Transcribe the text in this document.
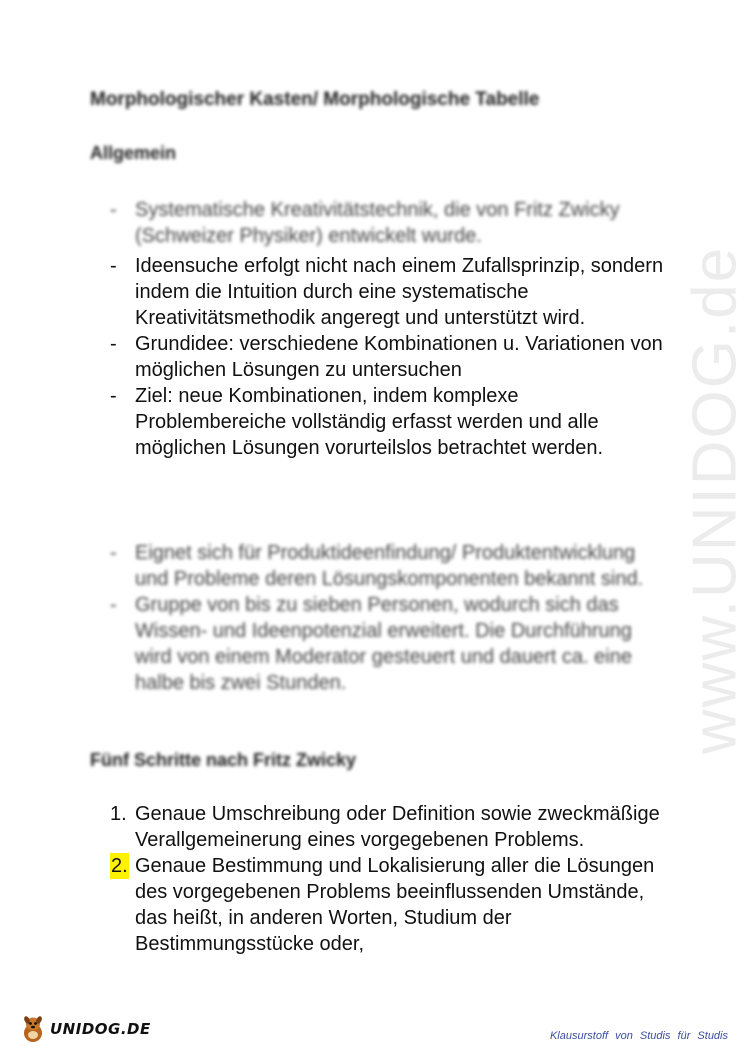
www.UNIDOG.de
Morphologischer Kasten/ Morphologische Tabelle
Allgemein
- Systematische Kreativitätstechnik, die von Fritz Zwicky (Schweizer Physiker) entwickelt wurde.
- Ideensuche erfolgt nicht nach einem Zufallsprinzip, sondern indem die Intuition durch eine systematische Kreativitätsmethodik angeregt und unterstützt wird.
- Grundidee: verschiedene Kombinationen u. Variationen von möglichen Lösungen zu untersuchen
- Ziel: neue Kombinationen, indem komplexe Problembereiche vollständig erfasst werden und alle möglichen Lösungen vorurteilslos betrachtet werden.
- Eignet sich für Produktideenfindung/ Produktentwicklung und Probleme deren Lösungskomponenten bekannt sind.
- Gruppe von bis zu sieben Personen, wodurch sich das Wissen- und Ideenpotenzial erweitert. Die Durchführung wird von einem Moderator gesteuert und dauert ca. eine halbe bis zwei Stunden.
Fünf Schritte nach Fritz Zwicky
1. Genaue Umschreibung oder Definition sowie zweckmäßige Verallgemeinerung eines vorgegebenen Problems.
2. Genaue Bestimmung und Lokalisierung aller die Lösungen des vorgegebenen Problems beeinflussenden Umstände, das heißt, in anderen Worten, Studium der Bestimmungsstücke oder,
UNIDOG.DE	Klausurstoff von Studis für Studis
